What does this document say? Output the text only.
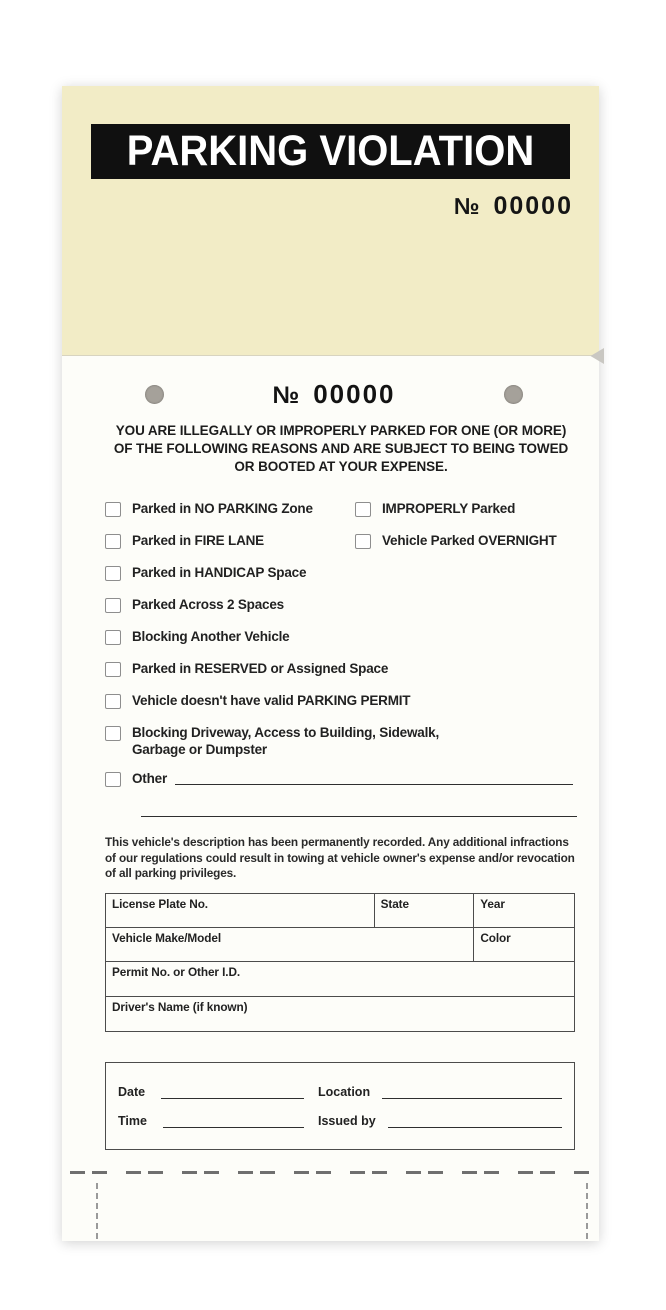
PARKING VIOLATION
№ 00000
№ 00000

YOU ARE ILLEGALLY OR IMPROPERLY PARKED FOR ONE (OR MORE) OF THE FOLLOWING REASONS AND ARE SUBJECT TO BEING TOWED OR BOOTED AT YOUR EXPENSE.

Parked in NO PARKING Zone	IMPROPERLY Parked
Parked in FIRE LANE	Vehicle Parked OVERNIGHT
Parked in HANDICAP Space
Parked Across 2 Spaces
Blocking Another Vehicle
Parked in RESERVED or Assigned Space
Vehicle doesn't have valid PARKING PERMIT
Blocking Driveway, Access to Building, Sidewalk, Garbage or Dumpster
Other

This vehicle's description has been permanently recorded. Any additional infractions of our regulations could result in towing at vehicle owner's expense and/or revocation of all parking privileges.

License Plate No.	State	Year
Vehicle Make/Model	Color
Permit No. or Other I.D.
Driver's Name (if known)
Date	Location
Time	Issued by
